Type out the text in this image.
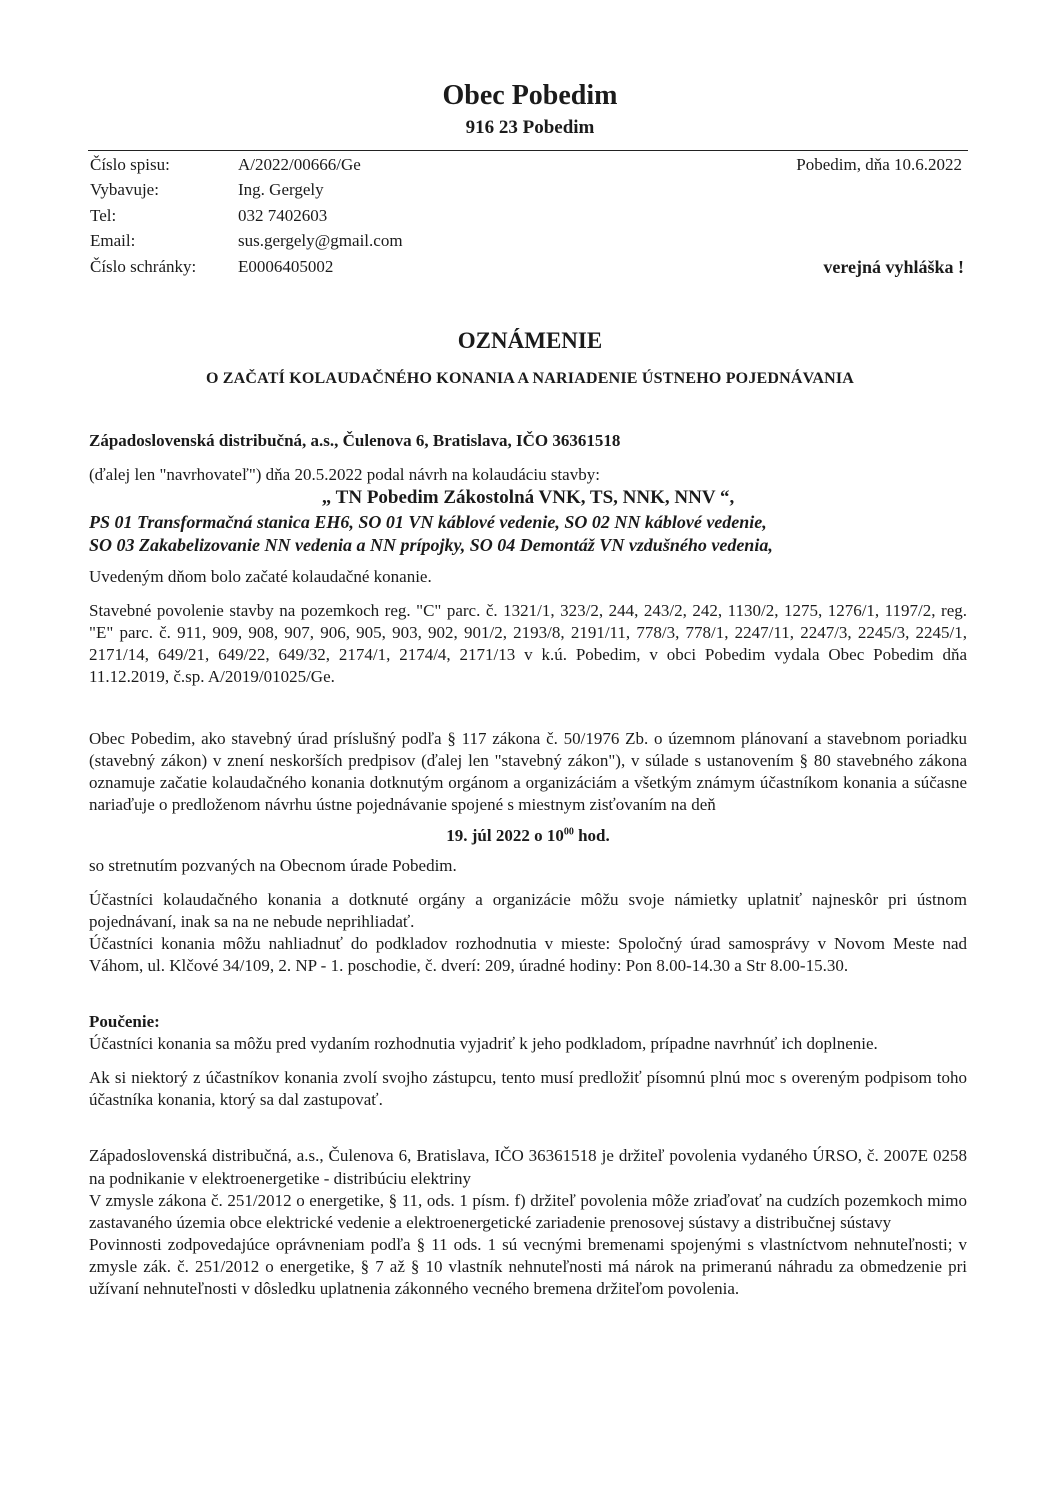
Obec Pobedim
916 23 Pobedim
Číslo spisu:	A/2022/00666/Ge
Vybavuje:	Ing. Gergely
Tel:	032 7402603
Email:	sus.gergely@gmail.com
Číslo schránky:	E0006405002
Pobedim, dňa 10.6.2022
verejná vyhláška !
OZNÁMENIE
O ZAČATÍ KOLAUDAČNÉHO KONANIA A NARIADENIE ÚSTNEHO POJEDNÁVANIA

Západoslovenská distribučná, a.s., Čulenova 6, Bratislava, IČO 36361518

(ďalej len "navrhovateľ") dňa 20.5.2022 podal návrh na kolaudáciu stavby:

„ TN Pobedim Zákostolná VNK, TS, NNK, NNV “,

PS 01 Transformačná stanica EH6, SO 01 VN káblové vedenie, SO 02 NN káblové vedenie,

SO 03 Zakabelizovanie NN vedenia a NN prípojky, SO 04 Demontáž VN vzdušného vedenia,

Uvedeným dňom bolo začaté kolaudačné konanie.

Stavebné povolenie stavby na pozemkoch reg. "C" parc. č. 1321/1, 323/2, 244, 243/2, 242, 1130/2, 1275, 1276/1, 1197/2, reg. "E" parc. č. 911, 909, 908, 907, 906, 905, 903, 902, 901/2, 2193/8, 2191/11, 778/3, 778/1, 2247/11, 2247/3, 2245/3, 2245/1, 2171/14, 649/21, 649/22, 649/32, 2174/1, 2174/4, 2171/13 v k.ú. Pobedim, v obci Pobedim vydala Obec Pobedim dňa 11.12.2019, č.sp. A/2019/01025/Ge.

Obec Pobedim, ako stavebný úrad príslušný podľa § 117 zákona č. 50/1976 Zb. o územnom plánovaní a stavebnom poriadku (stavebný zákon) v znení neskorších predpisov (ďalej len "stavebný zákon"), v súlade s ustanovením § 80 stavebného zákona oznamuje začatie kolaudačného konania dotknutým orgánom a organizáciám a všetkým známym účastníkom konania a súčasne nariaďuje o predloženom návrhu ústne pojednávanie spojené s miestnym zisťovaním na deň

19. júl 2022 o $10^{00}$ hod.

so stretnutím pozvaných na Obecnom úrade Pobedim.

Účastníci kolaudačného konania a dotknuté orgány a organizácie môžu svoje námietky uplatniť najneskôr pri ústnom pojednávaní, inak sa na ne nebude neprihliadať.

Účastníci konania môžu nahliadnuť do podkladov rozhodnutia v mieste: Spoločný úrad samosprávy v Novom Meste nad Váhom, ul. Klčové 34/109, 2. NP - 1. poschodie, č. dverí: 209, úradné hodiny: Pon 8.00-14.30 a Str 8.00-15.30.

Poučenie:

Účastníci konania sa môžu pred vydaním rozhodnutia vyjadriť k jeho podkladom, prípadne navrhnúť ich doplnenie.

Ak si niektorý z účastníkov konania zvolí svojho zástupcu, tento musí predložiť písomnú plnú moc s overeným podpisom toho účastníka konania, ktorý sa dal zastupovať.

Západoslovenská distribučná, a.s., Čulenova 6, Bratislava, IČO 36361518 je držiteľ povolenia vydaného ÚRSO, č. 2007E 0258 na podnikanie v elektroenergetike - distribúciu elektriny

V zmysle zákona č. 251/2012 o energetike, § 11, ods. 1 písm. f) držiteľ povolenia môže zriaďovať na cudzích pozemkoch mimo zastavaného územia obce elektrické vedenie a elektroenergetické zariadenie prenosovej sústavy a distribučnej sústavy

Povinnosti zodpovedajúce oprávneniam podľa § 11 ods. 1 sú vecnými bremenami spojenými s vlastníctvom nehnuteľnosti; v zmysle zák. č. 251/2012 o energetike, § 7 až § 10 vlastník nehnuteľnosti má nárok na primeranú náhradu za obmedzenie pri užívaní nehnuteľnosti v dôsledku uplatnenia zákonného vecného bremena držiteľom povolenia.
